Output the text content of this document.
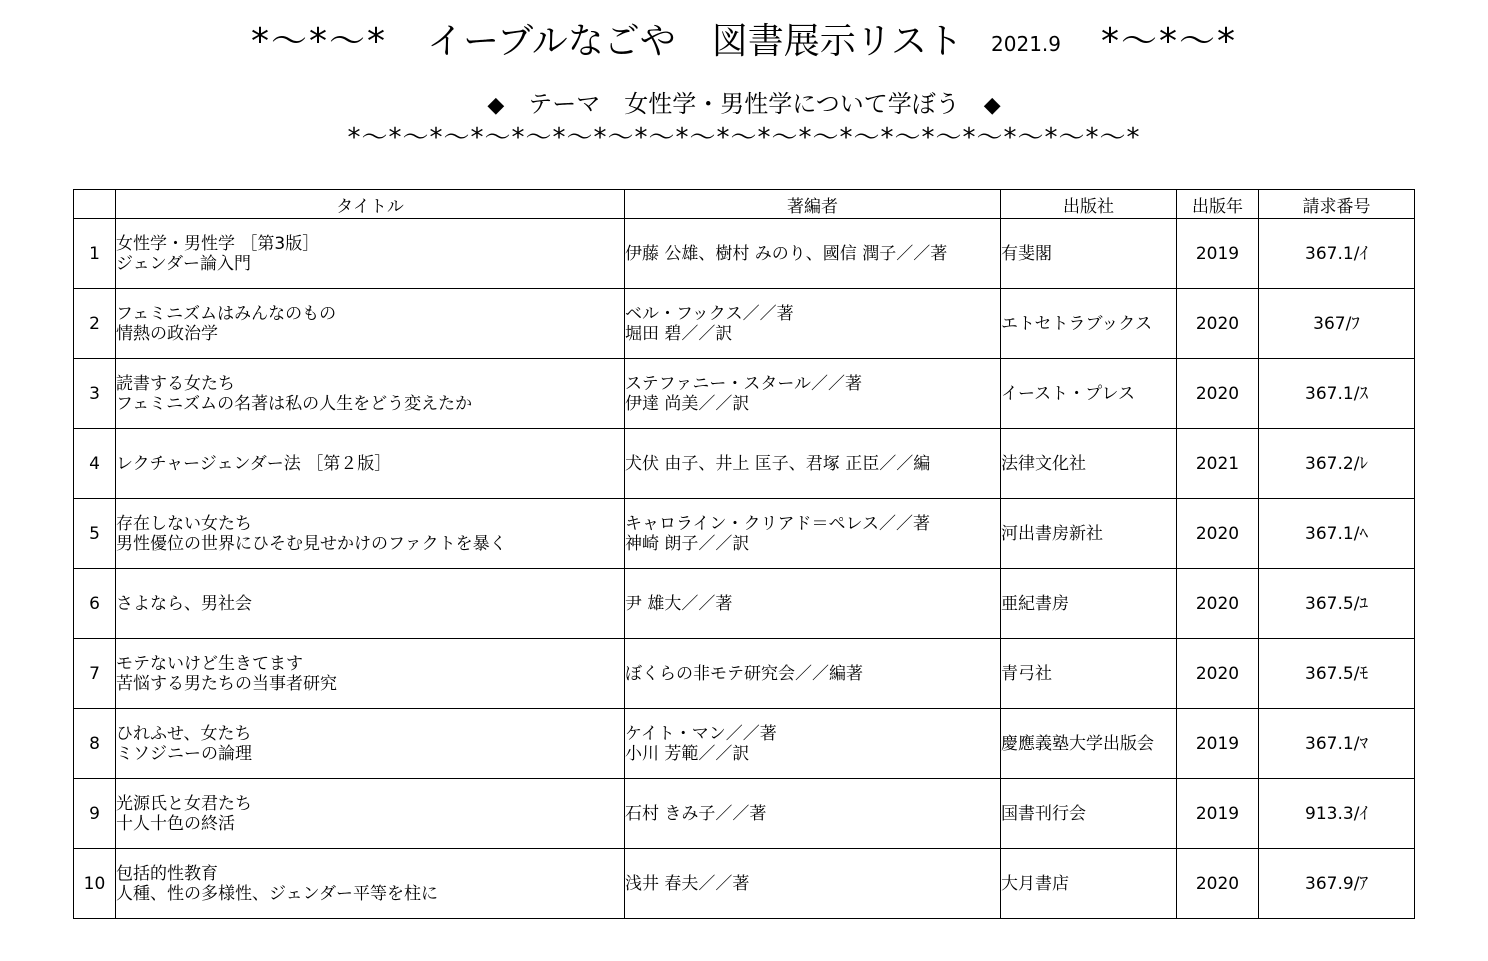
*〜*〜* イーブルなごや　図書展示リスト 2021.9 *〜*〜*
◆ テーマ　女性学・男性学について学ぼう ◆
*〜*〜*〜*〜*〜*〜*〜*〜*〜*〜*〜*〜*〜*〜*〜*〜*〜*〜*〜*
	タイトル	著編者	出版社	出版年	請求番号
1	女性学・男性学 ［第3版］
ジェンダー論入門	伊藤 公雄、樹村 みのり、國信 潤子／／著	有斐閣	2019	367.1/ｲ
2	フェミニズムはみんなのもの
情熱の政治学	ベル・フックス／／著
堀田 碧／／訳	エトセトラブックス	2020	367/ﾌ
3	読書する女たち
フェミニズムの名著は私の人生をどう変えたか	ステファニー・スタール／／著
伊達 尚美／／訳	イースト・プレス	2020	367.1/ｽ
4	レクチャージェンダー法 ［第２版］	犬伏 由子、井上 匡子、君塚 正臣／／編	法律文化社	2021	367.2/ﾚ
5	存在しない女たち
男性優位の世界にひそむ見せかけのファクトを暴く	キャロライン・クリアド＝ペレス／／著
神崎 朗子／／訳	河出書房新社	2020	367.1/ﾍ
6	さよなら、男社会	尹 雄大／／著	亜紀書房	2020	367.5/ﾕ
7	モテないけど生きてます
苦悩する男たちの当事者研究	ぼくらの非モテ研究会／／編著	青弓社	2020	367.5/ﾓ
8	ひれふせ、女たち
ミソジニーの論理	ケイト・マン／／著
小川 芳範／／訳	慶應義塾大学出版会	2019	367.1/ﾏ
9	光源氏と女君たち
十人十色の終活	石村 きみ子／／著	国書刊行会	2019	913.3/ｲ
10	包括的性教育
人種、性の多様性、ジェンダー平等を柱に	浅井 春夫／／著	大月書店	2020	367.9/ｱ
